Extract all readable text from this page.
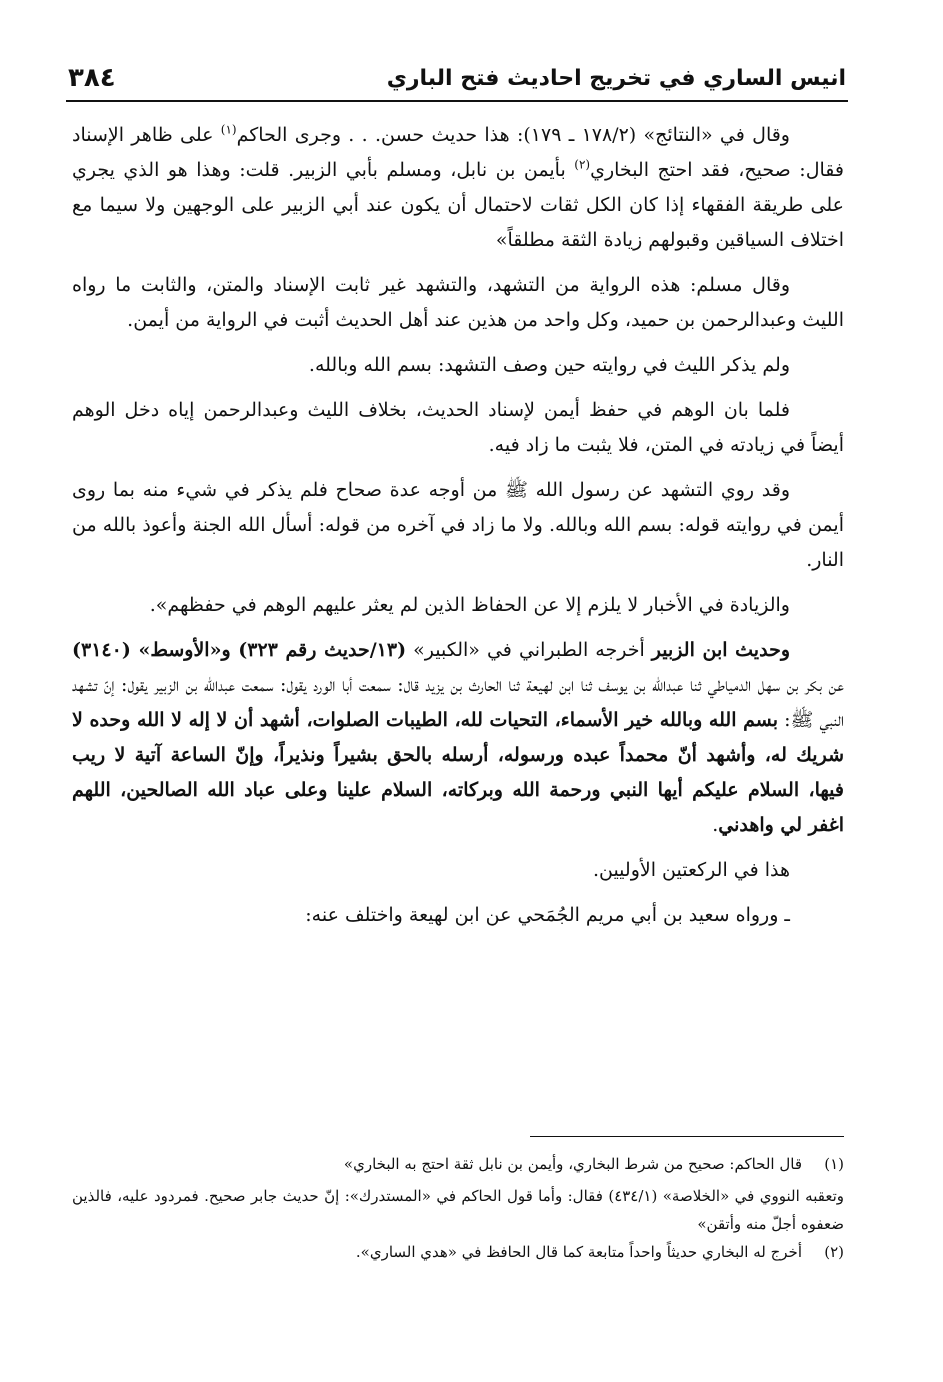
انيس الساري في تخريج احاديث فتح الباري
٣٨٤

وقال في «النتائج» (١٧٨/٢ ـ ١٧٩): هذا حديث حسن. . . وجرى الحاكم$^{(١)}$ على ظاهر الإسناد فقال: صحيح، فقد احتج البخاري$^{(٢)}$ بأيمن بن نابل، ومسلم بأبي الزبير. قلت: وهذا هو الذي يجري على طريقة الفقهاء إذا كان الكل ثقات لاحتمال أن يكون عند أبي الزبير على الوجهين ولا سيما مع اختلاف السياقين وقبولهم زيادة الثقة مطلقاً»

وقال مسلم: هذه الرواية من التشهد، والتشهد غير ثابت الإسناد والمتن، والثابت ما رواه الليث وعبدالرحمن بن حميد، وكل واحد من هذين عند أهل الحديث أثبت في الرواية من أيمن.

ولم يذكر الليث في روايته حين وصف التشهد: بسم الله وبالله.

فلما بان الوهم في حفظ أيمن لإسناد الحديث، بخلاف الليث وعبدالرحمن إياه دخل الوهم أيضاً في زيادته في المتن، فلا يثبت ما زاد فيه.

وقد روي التشهد عن رسول الله ﷺ من أوجه عدة صحاح فلم يذكر في شيء منه بما روى أيمن في روايته قوله: بسم الله وبالله. ولا ما زاد في آخره من قوله: أسأل الله الجنة وأعوذ بالله من النار.

والزيادة في الأخبار لا يلزم إلا عن الحفاظ الذين لم يعثر عليهم الوهم في حفظهم».

وحديث ابن الزبير أخرجه الطبراني في «الكبير» (١٣/حديث رقم ٣٢٣) و«الأوسط» (٣١٤٠) عن بكر بن سهل الدمياطي ثنا عبدالله بن يوسف ثنا ابن لهيعة ثنا الحارث بن يزيد قال: سمعت أبا الورد يقول: سمعت عبدالله بن الزبير يقول: إنّ تشهد النبي ﷺ: بسم الله وبالله خير الأسماء، التحيات لله، الطيبات الصلوات، أشهد أن لا إله لا الله وحده لا شريك له، وأشهد أنّ محمداً عبده ورسوله، أرسله بالحق بشيراً ونذيراً، وإنّ الساعة آتية لا ريب فيها، السلام عليكم أيها النبي ورحمة الله وبركاته، السلام علينا وعلى عباد الله الصالحين، اللهم اغفر لي واهدني.

هذا في الركعتين الأوليين.

ـ ورواه سعيد بن أبي مريم الجُمَحي عن ابن لهيعة واختلف عنه:

(١)
قال الحاكم: صحيح من شرط البخاري، وأيمن بن نابل ثقة احتج به البخاري»
وتعقبه النووي في «الخلاصة» (٤٣٤/١) فقال: وأما قول الحاكم في «المستدرك»: إنّ حديث جابر صحيح. فمردود عليه، فالذين ضعفوه أجلّ منه وأتقن»
(٢)
أخرج له البخاري حديثاً واحداً متابعة كما قال الحافظ في «هدي الساري».
